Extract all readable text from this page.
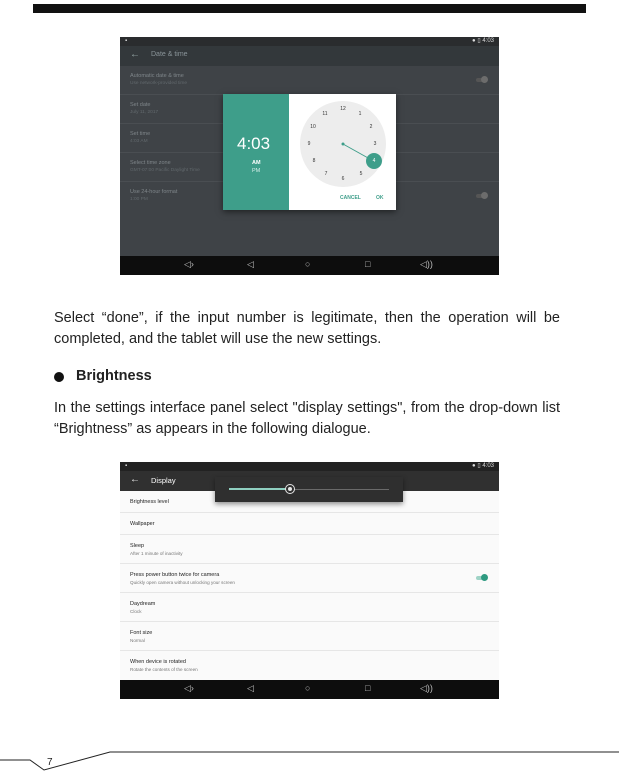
▪	● ▯ 4:03
← Date & time
Automatic date & time
Use network-provided time
Set date
July 11, 2017
Set time
4:03 AM
Select time zone
GMT-07:00 Pacific Daylight Time
Use 24-hour format
1:00 PM
4:03
AM
PM
12
1
2
3
4
5
6
7
8
9
10
11
CANCEL	OK
◁›	◁	○	□	◁))
Select “done”, if the input number is legitimate, then the operation will be
completed, and the tablet will use the new settings.
Brightness
In the settings interface panel select "display settings", from the drop-down list
“Brightness” as appears in the following dialogue.
▪	● ▯ 4:03
← Display
Brightness level
Wallpaper
Sleep
After 1 minute of inactivity
Press power button twice for camera
Quickly open camera without unlocking your screen
Daydream
Clock
Font size
Normal
When device is rotated
Rotate the contents of the screen
◁›	◁	○	□	◁))
7
